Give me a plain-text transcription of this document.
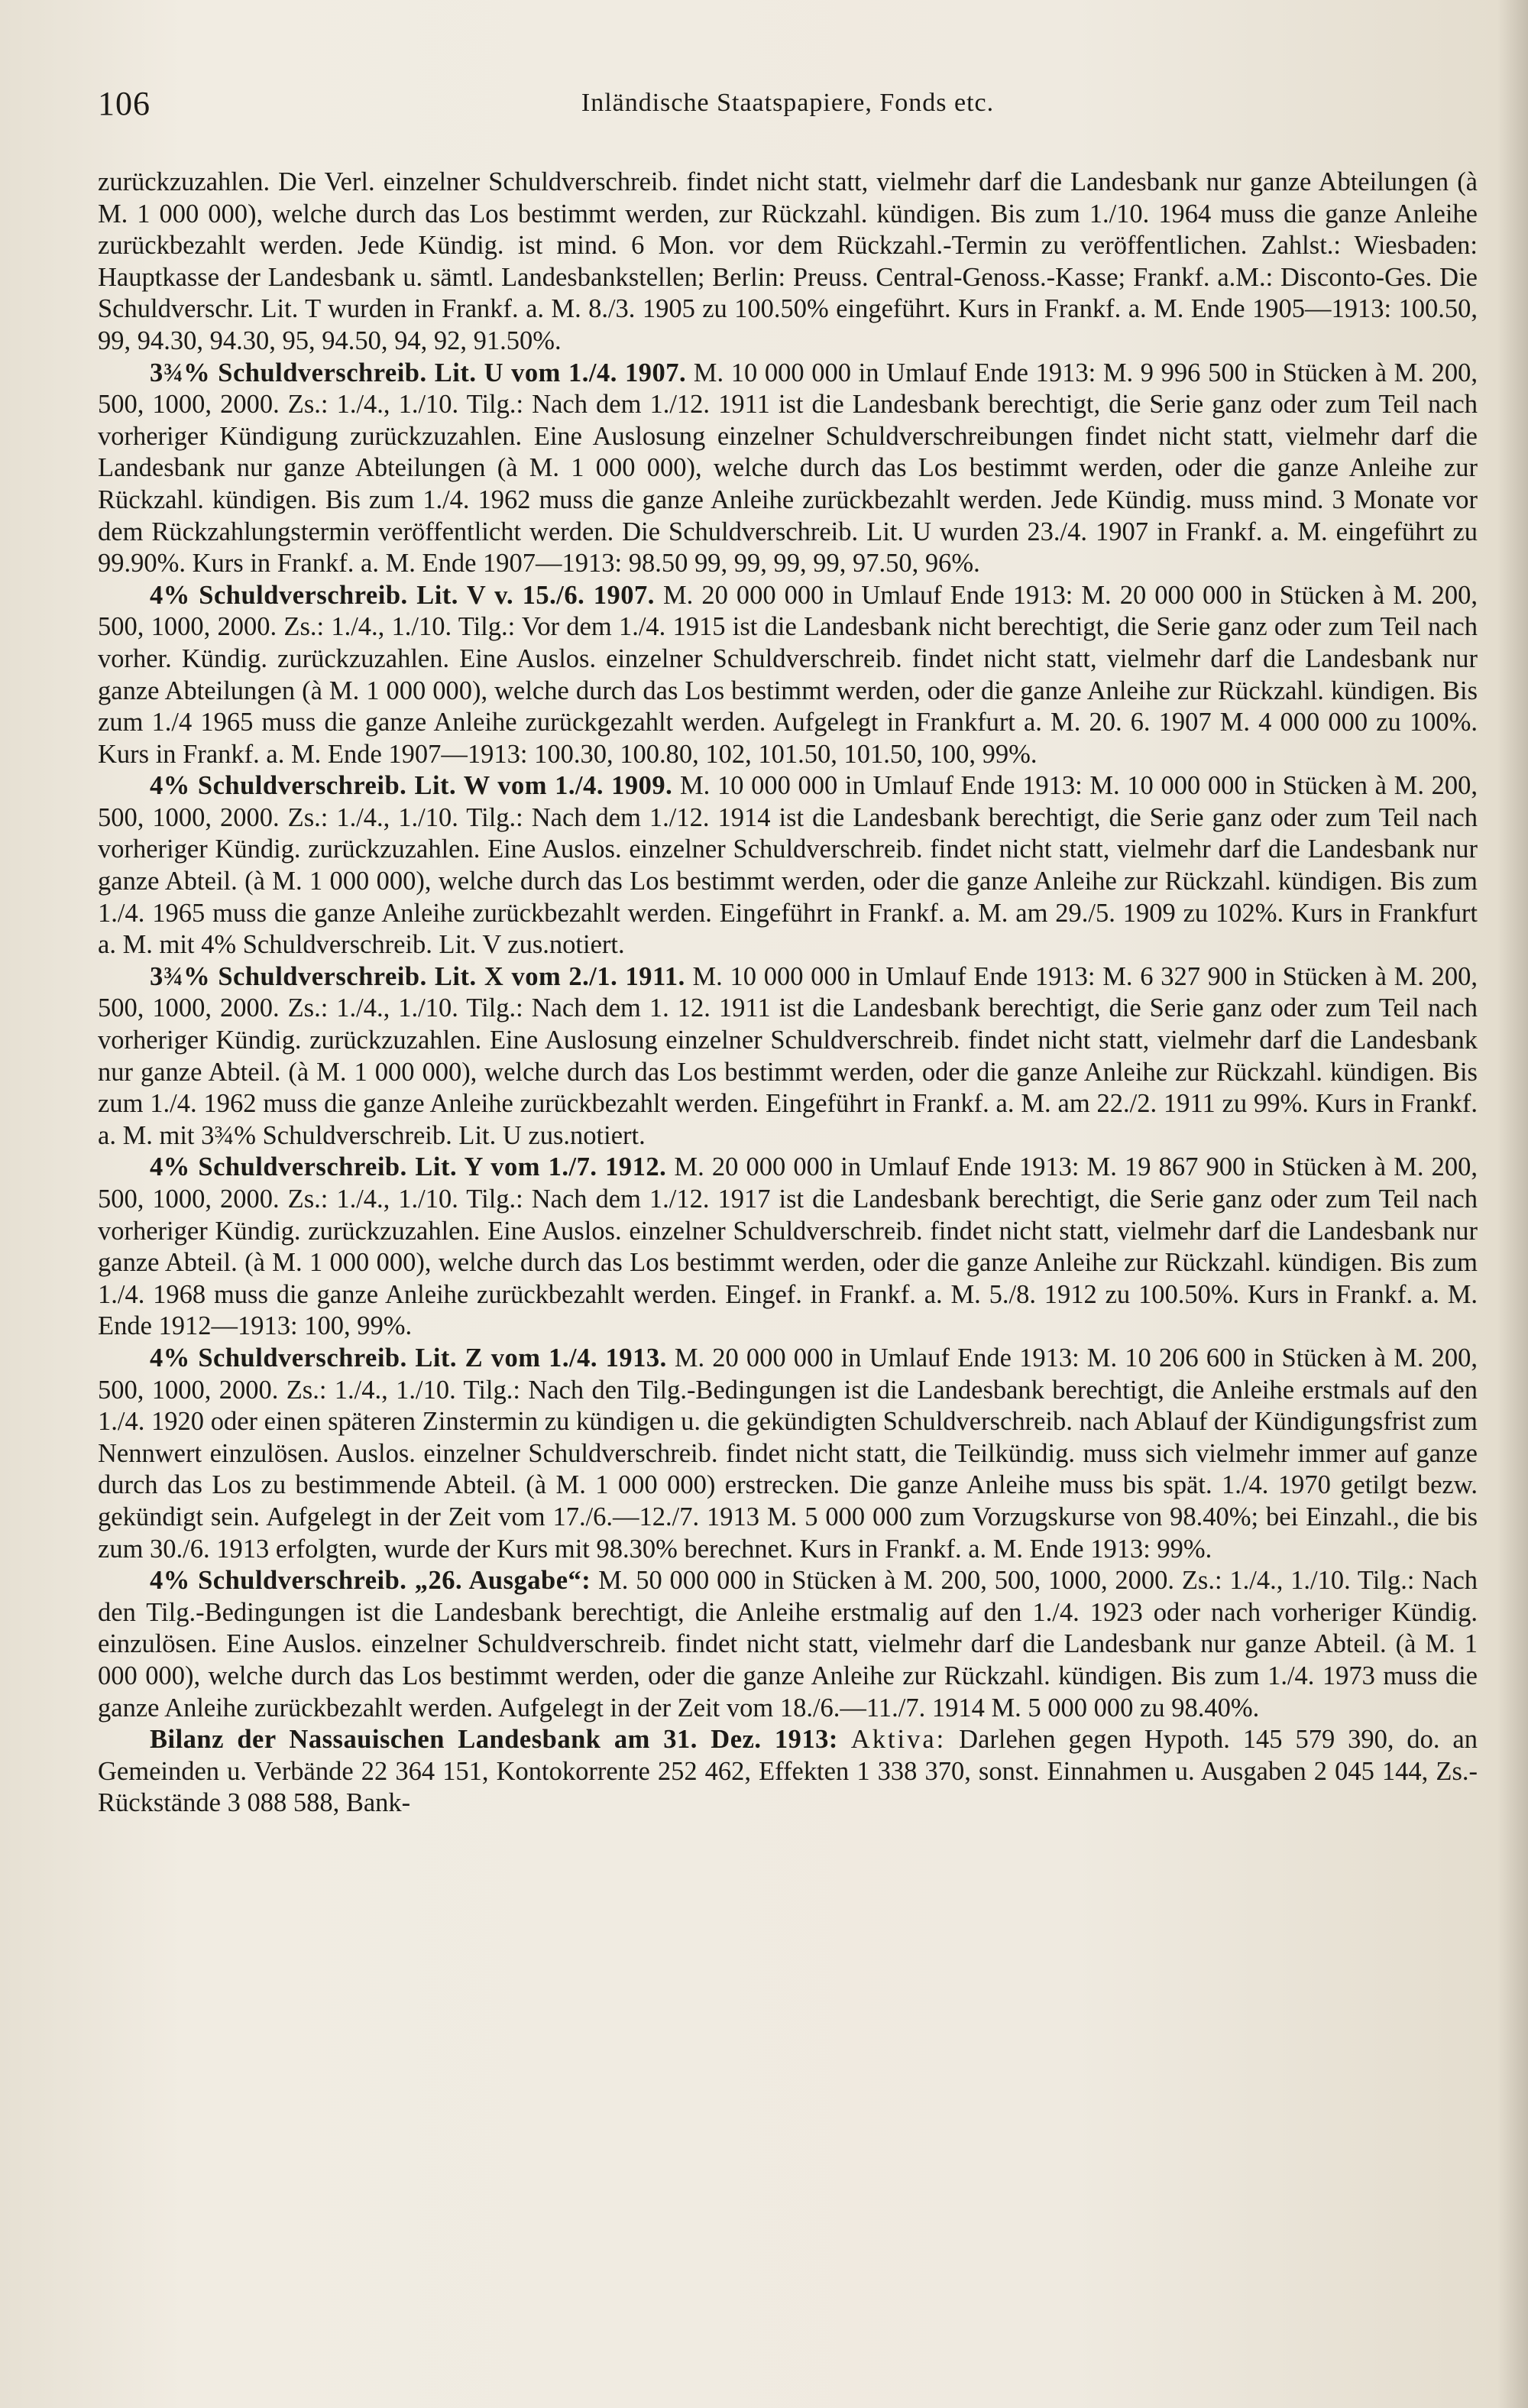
106	Inländische Staatspapiere, Fonds etc.

zurückzuzahlen. Die Verl. einzelner Schuldverschreib. findet nicht statt, vielmehr darf die Landesbank nur ganze Abteilungen (à M. 1 000 000), welche durch das Los bestimmt werden, zur Rückzahl. kündigen. Bis zum 1./10. 1964 muss die ganze Anleihe zurückbezahlt werden. Jede Kündig. ist mind. 6 Mon. vor dem Rückzahl.-Termin zu veröffentlichen. Zahlst.: Wiesbaden: Hauptkasse der Landesbank u. sämtl. Landesbankstellen; Berlin: Preuss. Central-Genoss.-Kasse; Frankf. a.M.: Disconto-Ges. Die Schuldverschr. Lit. T wurden in Frankf. a. M. 8./3. 1905 zu 100.50% eingeführt. Kurs in Frankf. a. M. Ende 1905—1913: 100.50, 99, 94.30, 94.30, 95, 94.50, 94, 92, 91.50%.

3¾% Schuldverschreib. Lit. U vom 1./4. 1907. M. 10 000 000 in Umlauf Ende 1913: M. 9 996 500 in Stücken à M. 200, 500, 1000, 2000. Zs.: 1./4., 1./10. Tilg.: Nach dem 1./12. 1911 ist die Landesbank berechtigt, die Serie ganz oder zum Teil nach vorheriger Kündigung zurückzuzahlen. Eine Auslosung einzelner Schuldverschreibungen findet nicht statt, vielmehr darf die Landesbank nur ganze Abteilungen (à M. 1 000 000), welche durch das Los bestimmt werden, oder die ganze Anleihe zur Rückzahl. kündigen. Bis zum 1./4. 1962 muss die ganze Anleihe zurückbezahlt werden. Jede Kündig. muss mind. 3 Monate vor dem Rückzahlungstermin veröffentlicht werden. Die Schuldverschreib. Lit. U wurden 23./4. 1907 in Frankf. a. M. eingeführt zu 99.90%. Kurs in Frankf. a. M. Ende 1907—1913: 98.50 99, 99, 99, 99, 97.50, 96%.

4% Schuldverschreib. Lit. V v. 15./6. 1907. M. 20 000 000 in Umlauf Ende 1913: M. 20 000 000 in Stücken à M. 200, 500, 1000, 2000. Zs.: 1./4., 1./10. Tilg.: Vor dem 1./4. 1915 ist die Landesbank nicht berechtigt, die Serie ganz oder zum Teil nach vorher. Kündig. zurückzuzahlen. Eine Auslos. einzelner Schuldverschreib. findet nicht statt, vielmehr darf die Landesbank nur ganze Abteilungen (à M. 1 000 000), welche durch das Los bestimmt werden, oder die ganze Anleihe zur Rückzahl. kündigen. Bis zum 1./4 1965 muss die ganze Anleihe zurückgezahlt werden. Aufgelegt in Frankfurt a. M. 20. 6. 1907 M. 4 000 000 zu 100%. Kurs in Frankf. a. M. Ende 1907—1913: 100.30, 100.80, 102, 101.50, 101.50, 100, 99%.

4% Schuldverschreib. Lit. W vom 1./4. 1909. M. 10 000 000 in Umlauf Ende 1913: M. 10 000 000 in Stücken à M. 200, 500, 1000, 2000. Zs.: 1./4., 1./10. Tilg.: Nach dem 1./12. 1914 ist die Landesbank berechtigt, die Serie ganz oder zum Teil nach vorheriger Kündig. zurückzuzahlen. Eine Auslos. einzelner Schuldverschreib. findet nicht statt, vielmehr darf die Landesbank nur ganze Abteil. (à M. 1 000 000), welche durch das Los bestimmt werden, oder die ganze Anleihe zur Rückzahl. kündigen. Bis zum 1./4. 1965 muss die ganze Anleihe zurückbezahlt werden. Eingeführt in Frankf. a. M. am 29./5. 1909 zu 102%. Kurs in Frankfurt a. M. mit 4% Schuldverschreib. Lit. V zus.notiert.

3¾% Schuldverschreib. Lit. X vom 2./1. 1911. M. 10 000 000 in Umlauf Ende 1913: M. 6 327 900 in Stücken à M. 200, 500, 1000, 2000. Zs.: 1./4., 1./10. Tilg.: Nach dem 1. 12. 1911 ist die Landesbank berechtigt, die Serie ganz oder zum Teil nach vorheriger Kündig. zurückzuzahlen. Eine Auslosung einzelner Schuldverschreib. findet nicht statt, vielmehr darf die Landesbank nur ganze Abteil. (à M. 1 000 000), welche durch das Los bestimmt werden, oder die ganze Anleihe zur Rückzahl. kündigen. Bis zum 1./4. 1962 muss die ganze Anleihe zurückbezahlt werden. Eingeführt in Frankf. a. M. am 22./2. 1911 zu 99%. Kurs in Frankf. a. M. mit 3¾% Schuldverschreib. Lit. U zus.notiert.

4% Schuldverschreib. Lit. Y vom 1./7. 1912. M. 20 000 000 in Umlauf Ende 1913: M. 19 867 900 in Stücken à M. 200, 500, 1000, 2000. Zs.: 1./4., 1./10. Tilg.: Nach dem 1./12. 1917 ist die Landesbank berechtigt, die Serie ganz oder zum Teil nach vorheriger Kündig. zurückzuzahlen. Eine Auslos. einzelner Schuldverschreib. findet nicht statt, vielmehr darf die Landesbank nur ganze Abteil. (à M. 1 000 000), welche durch das Los bestimmt werden, oder die ganze Anleihe zur Rückzahl. kündigen. Bis zum 1./4. 1968 muss die ganze Anleihe zurückbezahlt werden. Eingef. in Frankf. a. M. 5./8. 1912 zu 100.50%. Kurs in Frankf. a. M. Ende 1912—1913: 100, 99%.

4% Schuldverschreib. Lit. Z vom 1./4. 1913. M. 20 000 000 in Umlauf Ende 1913: M. 10 206 600 in Stücken à M. 200, 500, 1000, 2000. Zs.: 1./4., 1./10. Tilg.: Nach den Tilg.-Bedingungen ist die Landesbank berechtigt, die Anleihe erstmals auf den 1./4. 1920 oder einen späteren Zinstermin zu kündigen u. die gekündigten Schuldverschreib. nach Ablauf der Kündigungsfrist zum Nennwert einzulösen. Auslos. einzelner Schuldverschreib. findet nicht statt, die Teilkündig. muss sich vielmehr immer auf ganze durch das Los zu bestimmende Abteil. (à M. 1 000 000) erstrecken. Die ganze Anleihe muss bis spät. 1./4. 1970 getilgt bezw. gekündigt sein. Aufgelegt in der Zeit vom 17./6.—12./7. 1913 M. 5 000 000 zum Vorzugskurse von 98.40%; bei Einzahl., die bis zum 30./6. 1913 erfolgten, wurde der Kurs mit 98.30% berechnet. Kurs in Frankf. a. M. Ende 1913: 99%.

4% Schuldverschreib. „26. Ausgabe“: M. 50 000 000 in Stücken à M. 200, 500, 1000, 2000. Zs.: 1./4., 1./10. Tilg.: Nach den Tilg.-Bedingungen ist die Landesbank berechtigt, die Anleihe erstmalig auf den 1./4. 1923 oder nach vorheriger Kündig. einzulösen. Eine Auslos. einzelner Schuldverschreib. findet nicht statt, vielmehr darf die Landesbank nur ganze Abteil. (à M. 1 000 000), welche durch das Los bestimmt werden, oder die ganze Anleihe zur Rückzahl. kündigen. Bis zum 1./4. 1973 muss die ganze Anleihe zurückbezahlt werden. Aufgelegt in der Zeit vom 18./6.—11./7. 1914 M. 5 000 000 zu 98.40%.

Bilanz der Nassauischen Landesbank am 31. Dez. 1913: Aktiva: Darlehen gegen Hypoth. 145 579 390, do. an Gemeinden u. Verbände 22 364 151, Kontokorrente 252 462, Effekten 1 338 370, sonst. Einnahmen u. Ausgaben 2 045 144, Zs.-Rückstände 3 088 588, Bank-
